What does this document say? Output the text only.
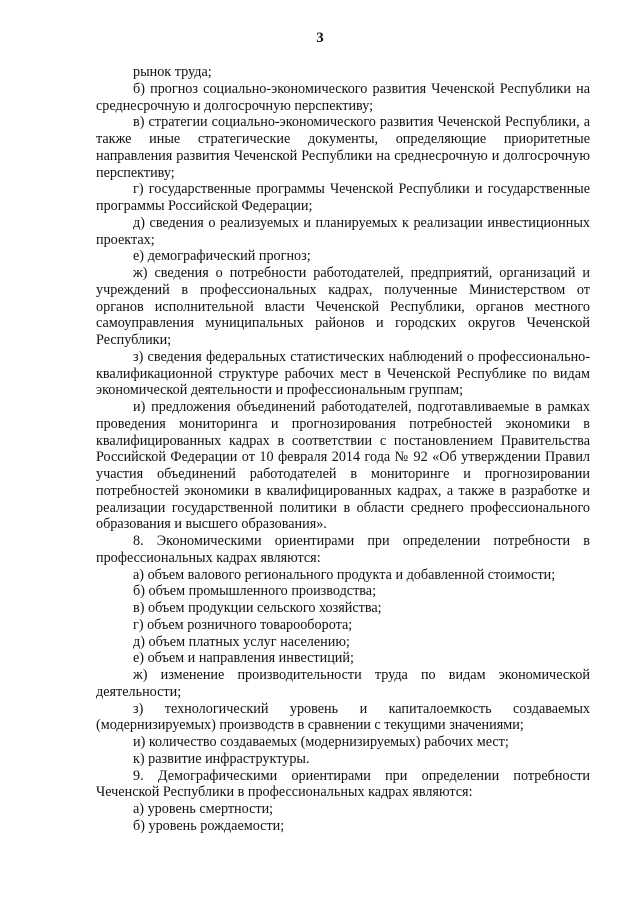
3

рынок труда;

б) прогноз социально-экономического развития Чеченской Республики на среднесрочную и долгосрочную перспективу;

в) стратегии социально-экономического развития Чеченской Республики, а также иные стратегические документы, определяющие приоритетные направления развития Чеченской Республики на среднесрочную и долгосрочную перспективу;

г) государственные программы Чеченской Республики и государственные программы Российской Федерации;

д) сведения о реализуемых и планируемых к реализации инвестиционных проектах;

е) демографический прогноз;

ж) сведения о потребности работодателей, предприятий, организаций и учреждений в профессиональных кадрах, полученные Министерством от органов исполнительной власти Чеченской Республики, органов местного самоуправления муниципальных районов и городских округов Чеченской Республики;

з) сведения федеральных статистических наблюдений о профессионально-квалификационной структуре рабочих мест в Чеченской Республике по видам экономической деятельности и профессиональным группам;

и) предложения объединений работодателей, подготавливаемые в рамках проведения мониторинга и прогнозирования потребностей экономики в квалифицированных кадрах в соответствии с постановлением Правительства Российской Федерации от 10 февраля 2014 года № 92 «Об утверждении Правил участия объединений работодателей в мониторинге и прогнозировании потребностей экономики в квалифицированных кадрах, а также в разработке и реализации государственной политики в области среднего профессионального образования и высшего образования».

8. Экономическими ориентирами при определении потребности в профессиональных кадрах являются:

а) объем валового регионального продукта и добавленной стоимости;

б) объем промышленного производства;

в) объем продукции сельского хозяйства;

г) объем розничного товарооборота;

д) объем платных услуг населению;

е) объем и направления инвестиций;

ж) изменение производительности труда по видам экономической деятельности;

з) технологический уровень и капиталоемкость создаваемых (модернизируемых) производств в сравнении с текущими значениями;

и) количество создаваемых (модернизируемых) рабочих мест;

к) развитие инфраструктуры.

9. Демографическими ориентирами при определении потребности Чеченской Республики в профессиональных кадрах являются:

а) уровень смертности;

б) уровень рождаемости;
